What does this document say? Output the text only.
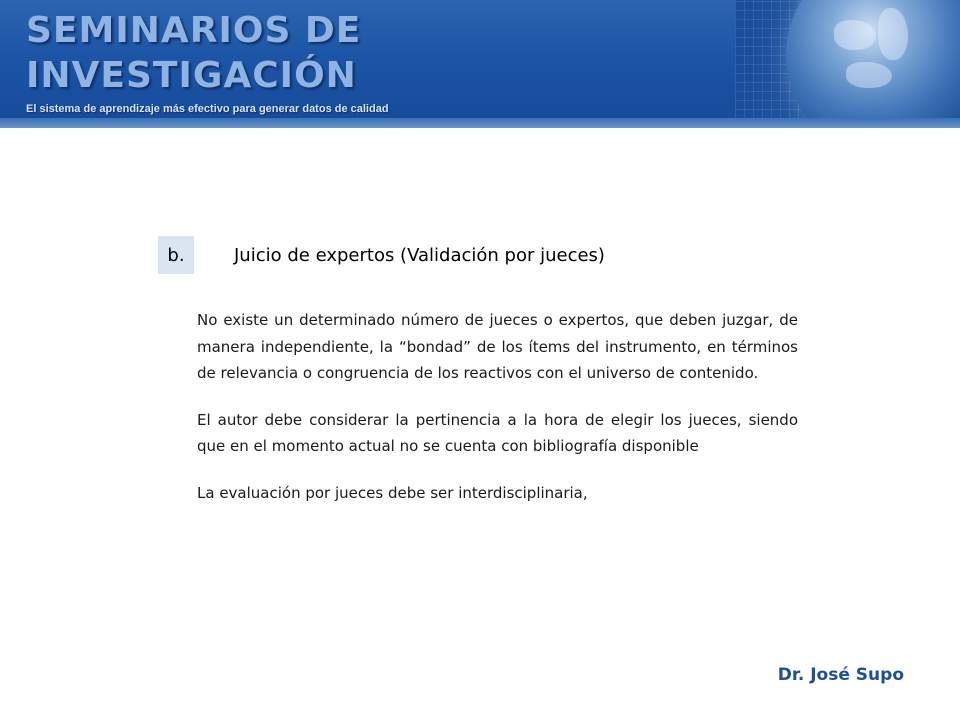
SEMINARIOS DE
INVESTIGACIÓN
El sistema de aprendizaje más efectivo para generar datos de calidad
b.	Juicio de expertos (Validación por jueces)

No existe un determinado número de jueces o expertos, que deben juzgar, de manera independiente, la “bondad” de los ítems del instrumento, en términos de relevancia o congruencia de los reactivos con el universo de contenido.

El autor debe considerar la pertinencia a la hora de elegir los jueces, siendo que en el momento actual no se cuenta con bibliografía disponible

La evaluación por jueces debe ser interdisciplinaria,

Dr. José Supo
